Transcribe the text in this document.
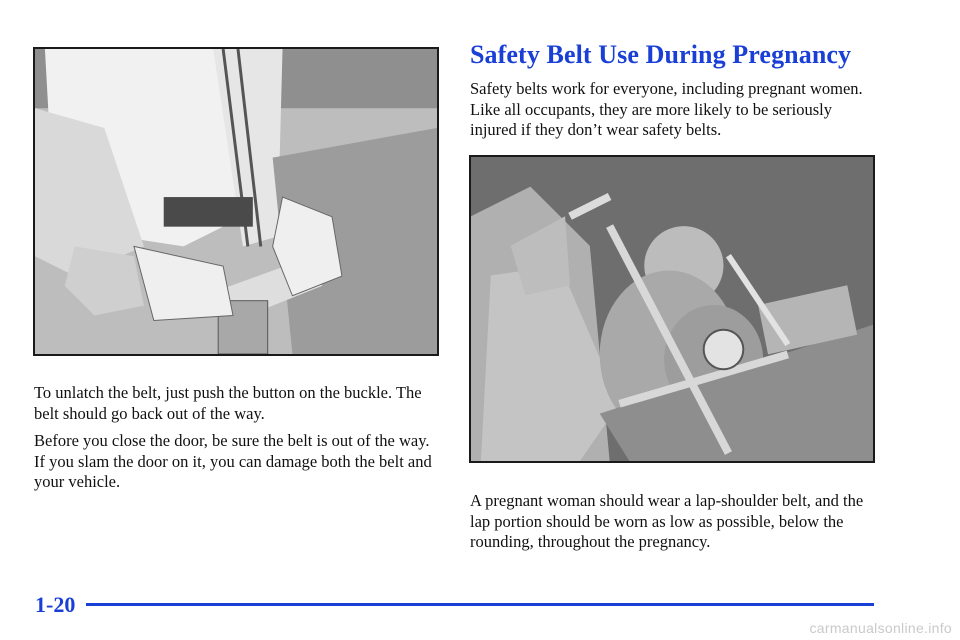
To unlatch the belt, just push the button on the buckle. The belt should go back out of the way.

Before you close the door, be sure the belt is out of the way. If you slam the door on it, you can damage both the belt and your vehicle.

Safety Belt Use During Pregnancy

Safety belts work for everyone, including pregnant women. Like all occupants, they are more likely to be seriously injured if they don’t wear safety belts.

A pregnant woman should wear a lap-shoulder belt, and the lap portion should be worn as low as possible, below the rounding, throughout the pregnancy.

1-20

carmanualsonline.info
